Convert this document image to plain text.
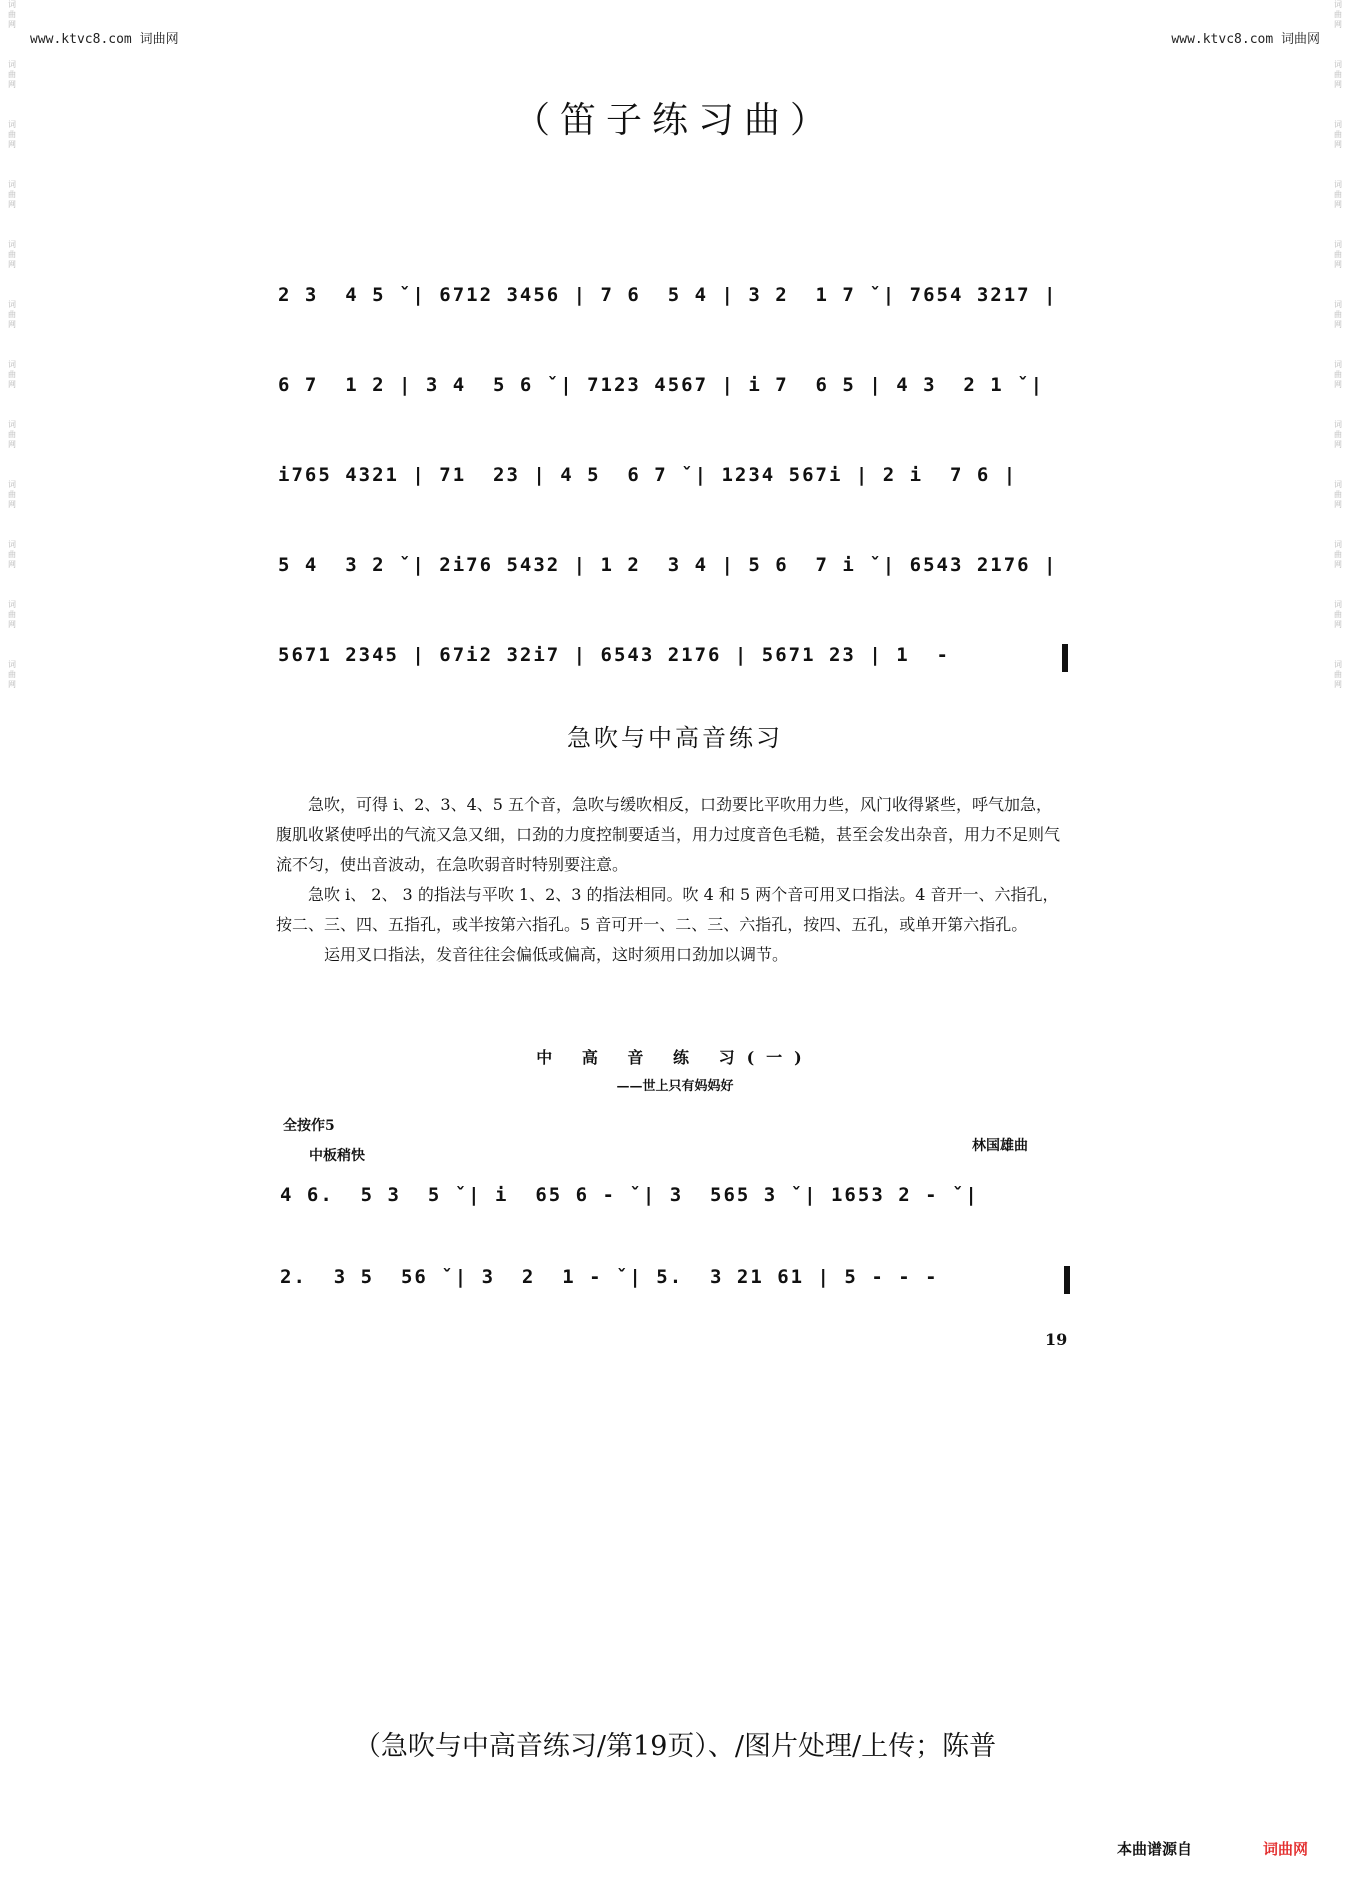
词
曲
网
词
曲
网
词
曲
网
词
曲
网
词
曲
网
词
曲
网
词
曲
网
词
曲
网
词
曲
网
词
曲
网
词
曲
网
词
曲
网
词
曲
网
词
曲
网
词
曲
网
词
曲
网
词
曲
网
词
曲
网
词
曲
网
词
曲
网
词
曲
网
词
曲
网
词
曲
网
词
曲
网
www.ktvc8.com 词曲网	www.ktvc8.com 词曲网
（笛子练习曲）
2 3  4 5 ˇ| 6712 3456 | 7 6  5 4 | 3 2  1 7 ˇ| 7654 3217 |
6 7  1 2 | 3 4  5 6 ˇ| 7123 4567 | i 7  6 5 | 4 3  2 1 ˇ|
i765 4321 | 71  23 | 4 5  6 7 ˇ| 1234 567i | 2 i  7 6 |
5 4  3 2 ˇ| 2i76 5432 | 1 2  3 4 | 5 6  7 i ˇ| 6543 2176 |
5671 2345 | 67i2 32i7 | 6543 2176 | 5671 23 | 1  -
急吹与中高音练习

急吹，可得 i、2、3、4、5 五个音，急吹与缓吹相反，口劲要比平吹用力些，风门收得紧些，呼气加急，腹肌收紧使呼出的气流又急又细，口劲的力度控制要适当，用力过度音色毛糙，甚至会发出杂音，用力不足则气流不匀，使出音波动，在急吹弱音时特别要注意。

急吹 i、 2、 3 的指法与平吹 1、2、3 的指法相同。吹 4 和 5 两个音可用叉口指法。4 音开一、六指孔，按二、三、四、五指孔，或半按第六指孔。5 音可开一、二、三、六指孔，按四、五孔，或单开第六指孔。

运用叉口指法，发音往往会偏低或偏高，这时须用口劲加以调节。

中 高 音 练 习(一)
——世上只有妈妈好
全按作5
中板稍快
林国雄曲
4 6.  5 3  5 ˇ| i  65 6 - ˇ| 3  565 3 ˇ| 1653 2 - ˇ|
2.  3 5  56 ˇ| 3  2  1 - ˇ| 5.  3 21 61 | 5 - - -
19
（急吹与中高音练习/第19页）、/图片处理/上传；陈普
本曲谱源自	词曲网
